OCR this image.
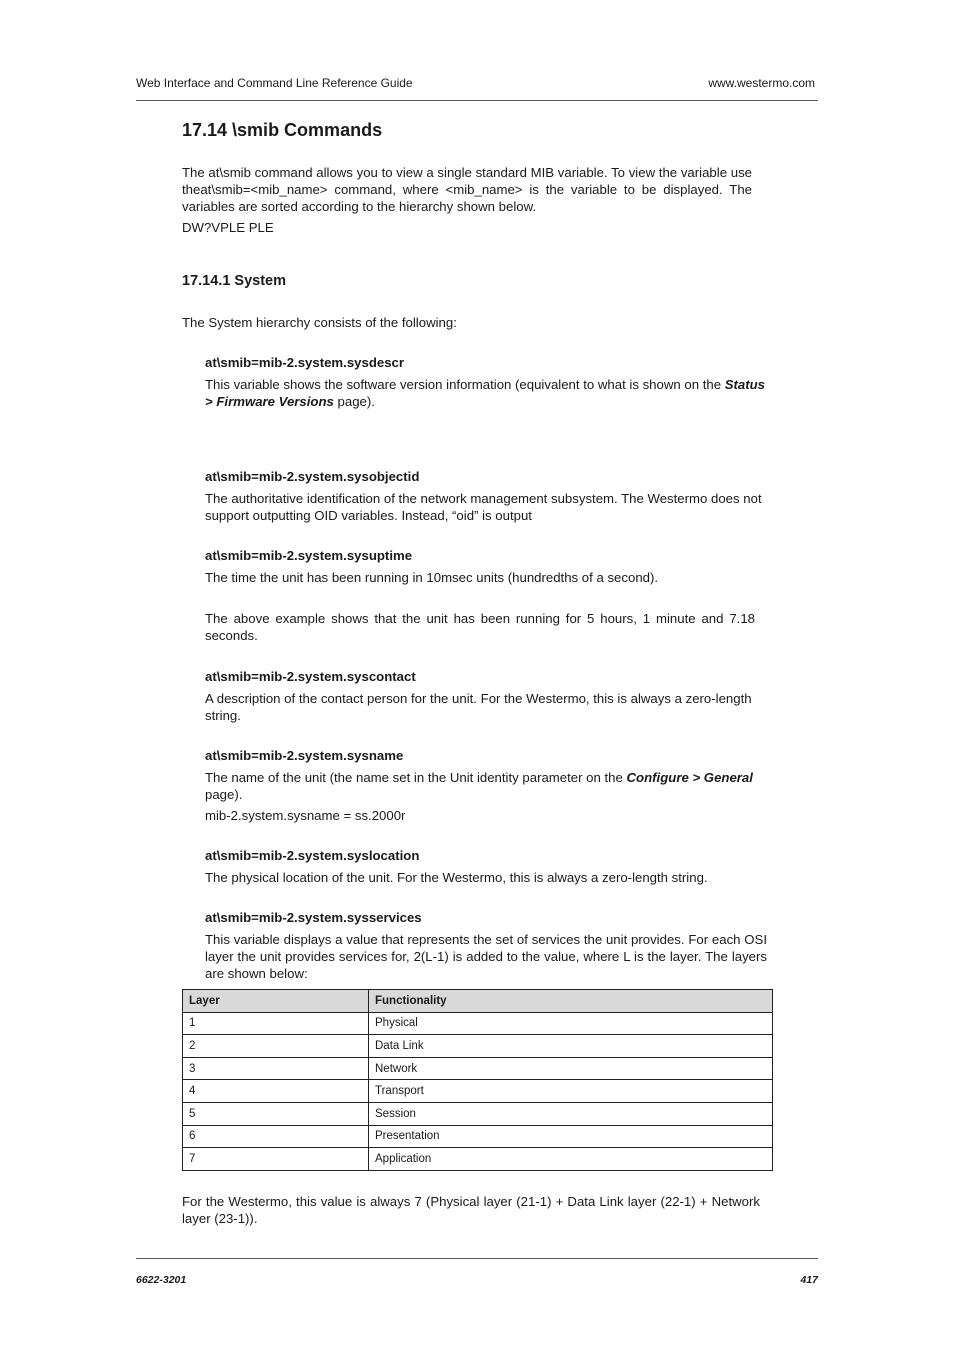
Web Interface and Command Line Reference Guide	www.westermo.com
17.14 \smib Commands
The at\smib command allows you to view a single standard MIB variable. To view the variable use theat\smib=<mib_name> command, where <mib_name> is the variable to be displayed. The variables are sorted according to the hierarchy shown below.
DW?VPLE PLE
17.14.1 System
The System hierarchy consists of the following:
at\smib=mib-2.system.sysdescr
This variable shows the software version information (equivalent to what is shown on the Status > Firmware Versions page).
at\smib=mib-2.system.sysobjectid
The authoritative identification of the network management subsystem. The Westermo does not support outputting OID variables. Instead, “oid” is output
at\smib=mib-2.system.sysuptime
The time the unit has been running in 10msec units (hundredths of a second).
The above example shows that the unit has been running for 5 hours, 1 minute and 7.18 seconds.
at\smib=mib-2.system.syscontact
A description of the contact person for the unit. For the Westermo, this is always a zero-length string.
at\smib=mib-2.system.sysname
The name of the unit (the name set in the Unit identity parameter on the Configure > General page).
mib-2.system.sysname = ss.2000r
at\smib=mib-2.system.syslocation
The physical location of the unit. For the Westermo, this is always a zero-length string.
at\smib=mib-2.system.sysservices
This variable displays a value that represents the set of services the unit provides. For each OSI layer the unit provides services for, 2(L-1) is added to the value, where L is the layer. The layers are shown below:
Layer	Functionality
1	Physical
2	Data Link
3	Network
4	Transport
5	Session
6	Presentation
7	Application
For the Westermo, this value is always 7 (Physical layer (21-1) + Data Link layer (22-1) + Network layer (23-1)).
6622-3201	417
